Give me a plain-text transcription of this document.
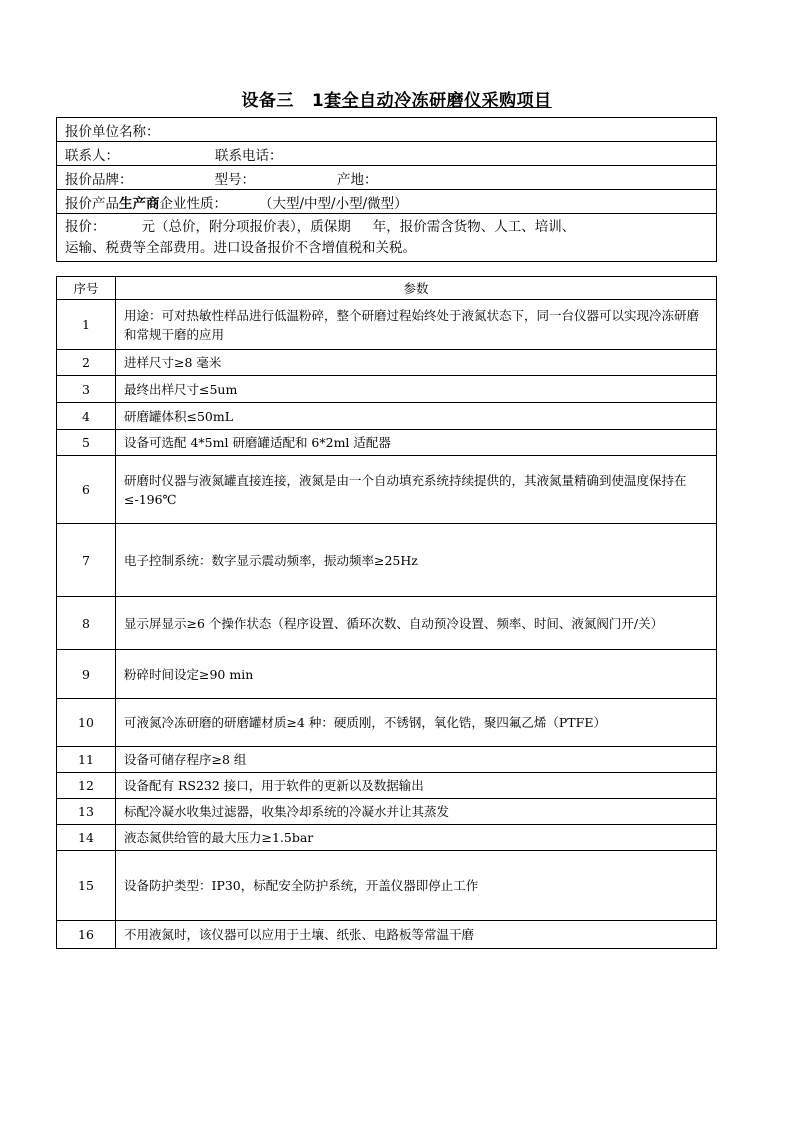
设备三 1套全自动冷冻研磨仪采购项目
报价单位名称：
联系人：	联系电话：
报价品牌：	型号：	产地：
报价产品生产商企业性质： （大型/中型/小型/微型）

报价：	元（总价，附分项报价表），质保期 年，报价需含货物、人工、培训、
运输、税费等全部费用。进口设备报价不含增值税和关税。
序号	参数
1	用途：可对热敏性样品进行低温粉碎，整个研磨过程始终处于液氮状态下，同一台仪器可以实现冷冻研磨和常规干磨的应用
2	进样尺寸≥8 毫米
3	最终出样尺寸≤5um
4	研磨罐体积≤50mL
5	设备可选配 4*5ml 研磨罐适配和 6*2ml 适配器
6	研磨时仪器与液氮罐直接连接，液氮是由一个自动填充系统持续提供的，其液氮量精确到使温度保持在≤-196℃
7	电子控制系统：数字显示震动频率，振动频率≥25Hz
8	显示屏显示≥6 个操作状态（程序设置、循环次数、自动预冷设置、频率、时间、液氮阀门开/关）
9	粉碎时间设定≥90 min
10	可液氮冷冻研磨的研磨罐材质≥4 种：硬质刚，不锈钢，氧化锆，聚四氟乙烯（PTFE）
11	设备可储存程序≥8 组
12	设备配有 RS232 接口，用于软件的更新以及数据输出
13	标配冷凝水收集过滤器，收集冷却系统的冷凝水并让其蒸发
14	液态氮供给管的最大压力≥1.5bar
15	设备防护类型：IP30，标配安全防护系统，开盖仪器即停止工作
16	不用液氮时，该仪器可以应用于土壤、纸张、电路板等常温干磨
